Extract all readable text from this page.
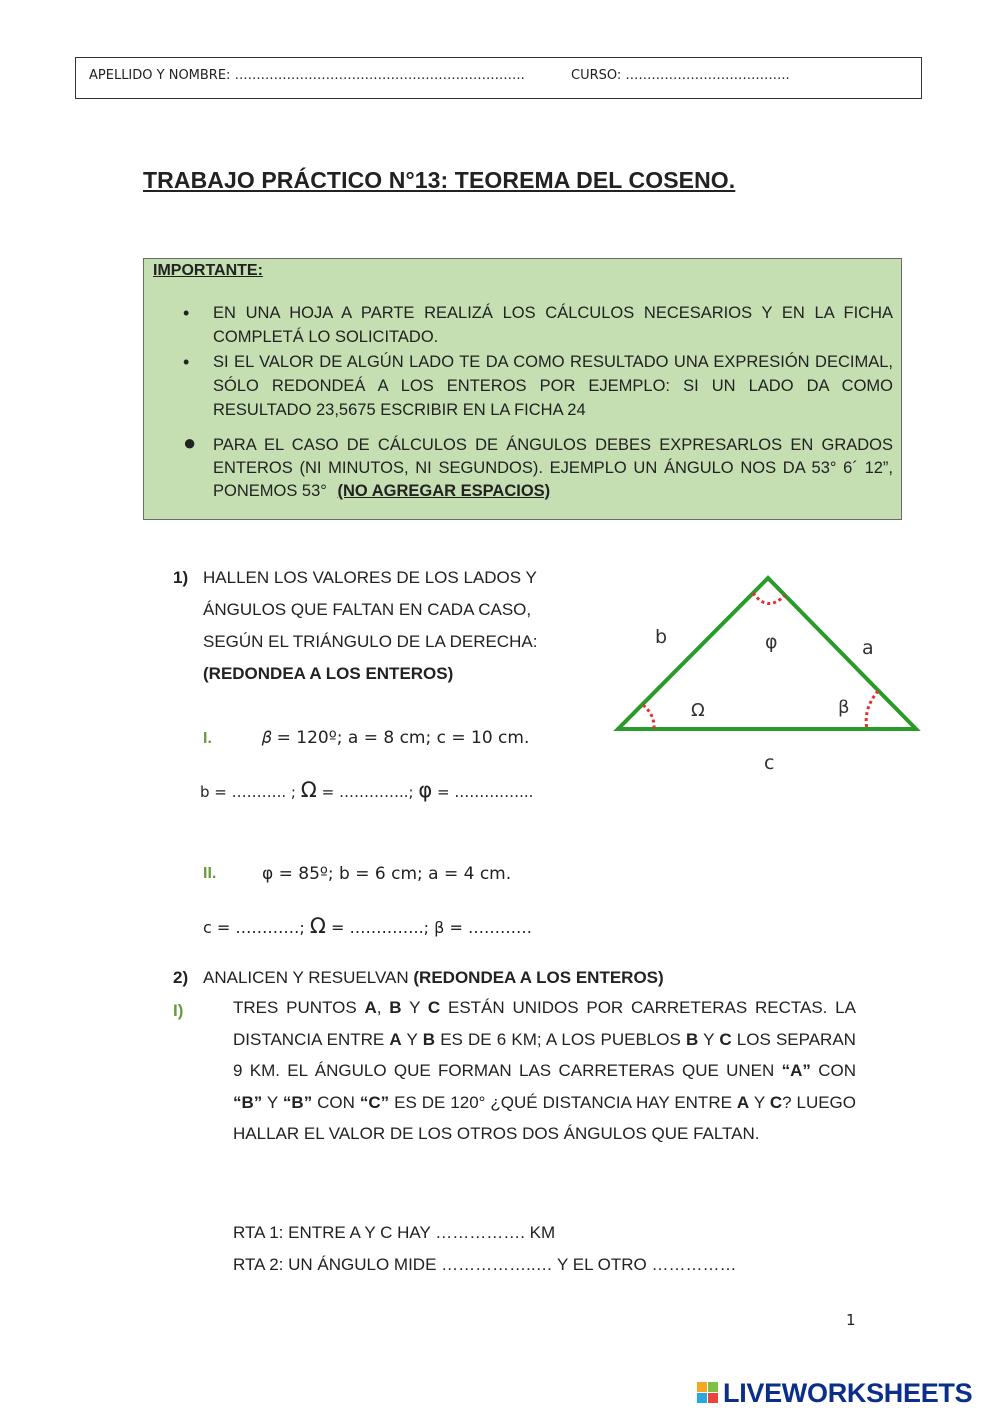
APELLIDO Y NOMBRE: ………………………………………………………….	CURSO: ………………………………..
TRABAJO PRÁCTICO N°13: TEOREMA DEL COSENO.
IMPORTANTE:
• EN UNA HOJA A PARTE REALIZÁ LOS CÁLCULOS NECESARIOS Y EN LA FICHA COMPLETÁ LO SOLICITADO.
• SI EL VALOR DE ALGÚN LADO TE DA COMO RESULTADO UNA EXPRESIÓN DECIMAL, SÓLO REDONDEÁ A LOS ENTEROS POR EJEMPLO: SI UN LADO DA COMO RESULTADO 23,5675 ESCRIBIR EN LA FICHA 24
● PARA EL CASO DE CÁLCULOS DE ÁNGULOS DEBES EXPRESARLOS EN GRADOS ENTEROS (NI MINUTOS, NI SEGUNDOS). EJEMPLO UN ÁNGULO NOS DA 53° 6´ 12”, PONEMOS 53° (NO AGREGAR ESPACIOS)
1) HALLEN LOS VALORES DE LOS LADOS Y
ÁNGULOS QUE FALTAN EN CADA CASO,
SEGÚN EL TRIÁNGULO DE LA DERECHA:
(REDONDEA A LOS ENTEROS)
b	a
c
φ
Ω	β
I.	𝛽 = 120º; a = 8 cm; c = 10 cm.
b = ……….. ; Ω = …………..; φ = ……….…...
II.	φ = 85º; b = 6 cm; a = 4 cm.
c = …………; Ω = …………..; β = …………
2) ANALICEN Y RESUELVAN (REDONDEA A LOS ENTEROS)
I)	TRES PUNTOS A, B Y C ESTÁN UNIDOS POR CARRETERAS RECTAS. LA DISTANCIA ENTRE A Y B ES DE 6 KM; A LOS PUEBLOS B Y C LOS SEPARAN 9 KM. EL ÁNGULO QUE FORMAN LAS CARRETERAS QUE UNEN “A” CON “B” Y “B” CON “C” ES DE 120° ¿QUÉ DISTANCIA HAY ENTRE A Y C? LUEGO HALLAR EL VALOR DE LOS OTROS DOS ÁNGULOS QUE FALTAN.
RTA 1: ENTRE A Y C HAY ……………. KM
RTA 2: UN ÁNGULO MIDE ……………..… Y EL OTRO ……………
1
LIVEWORKSHEETS
